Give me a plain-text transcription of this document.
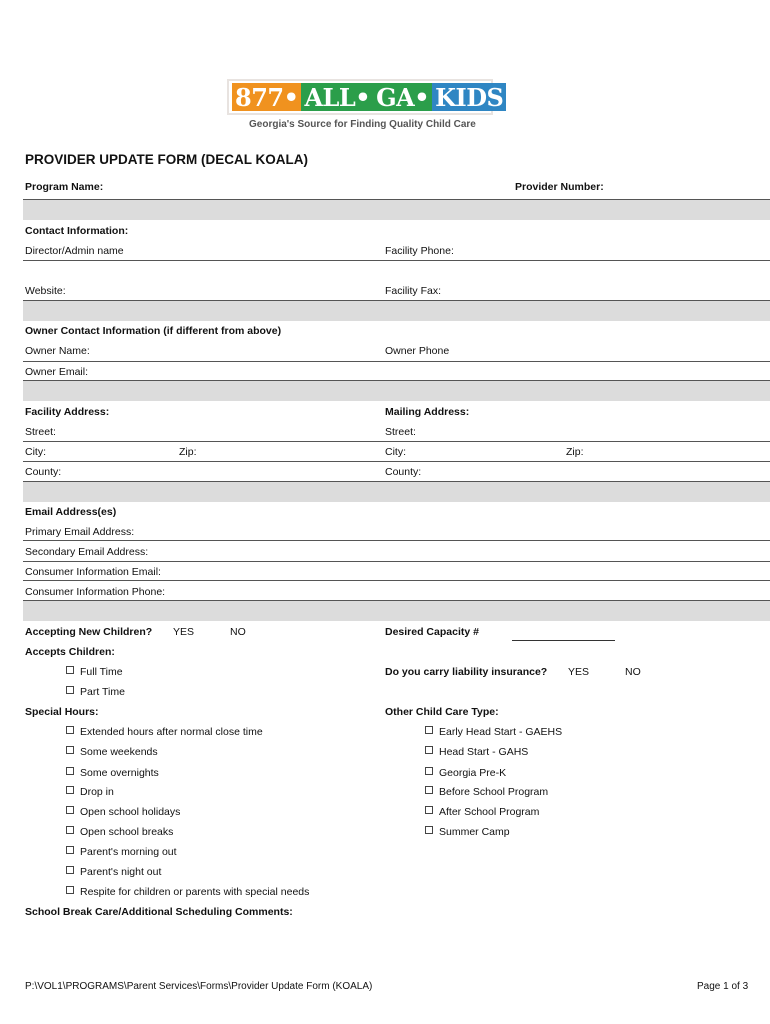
877• ALL• GA• KIDS
Georgia's Source for Finding Quality Child Care
PROVIDER UPDATE FORM (DECAL KOALA)
Program Name:	Provider Number:
Contact Information:
Director/Admin name	Facility Phone:
Website:	Facility Fax:
Owner Contact Information (if different from above)
Owner Name:	Owner Phone
Owner Email:
Facility Address:	Mailing Address:
Street:	Street:
City:	Zip:	City:	Zip:
County:	County:
Email Address(es)
Primary Email Address:
Secondary Email Address:
Consumer Information Email:
Consumer Information Phone:
Accepting New Children? YES	NO	Desired Capacity #
Accepts Children:
Full Time
Part Time
Do you carry liability insurance? YES	NO
Special Hours:
Extended hours after normal close time
Some weekends
Some overnights
Drop in
Open school holidays
Open school breaks
Parent's morning out
Parent's night out
Respite for children or parents with special needs
Other Child Care Type:
Early Head Start - GAEHS
Head Start - GAHS
Georgia Pre-K
Before School Program
After School Program
Summer Camp
School Break Care/Additional Scheduling Comments:
P:\VOL1\PROGRAMS\Parent Services\Forms\Provider Update Form (KOALA)	Page 1 of 3
